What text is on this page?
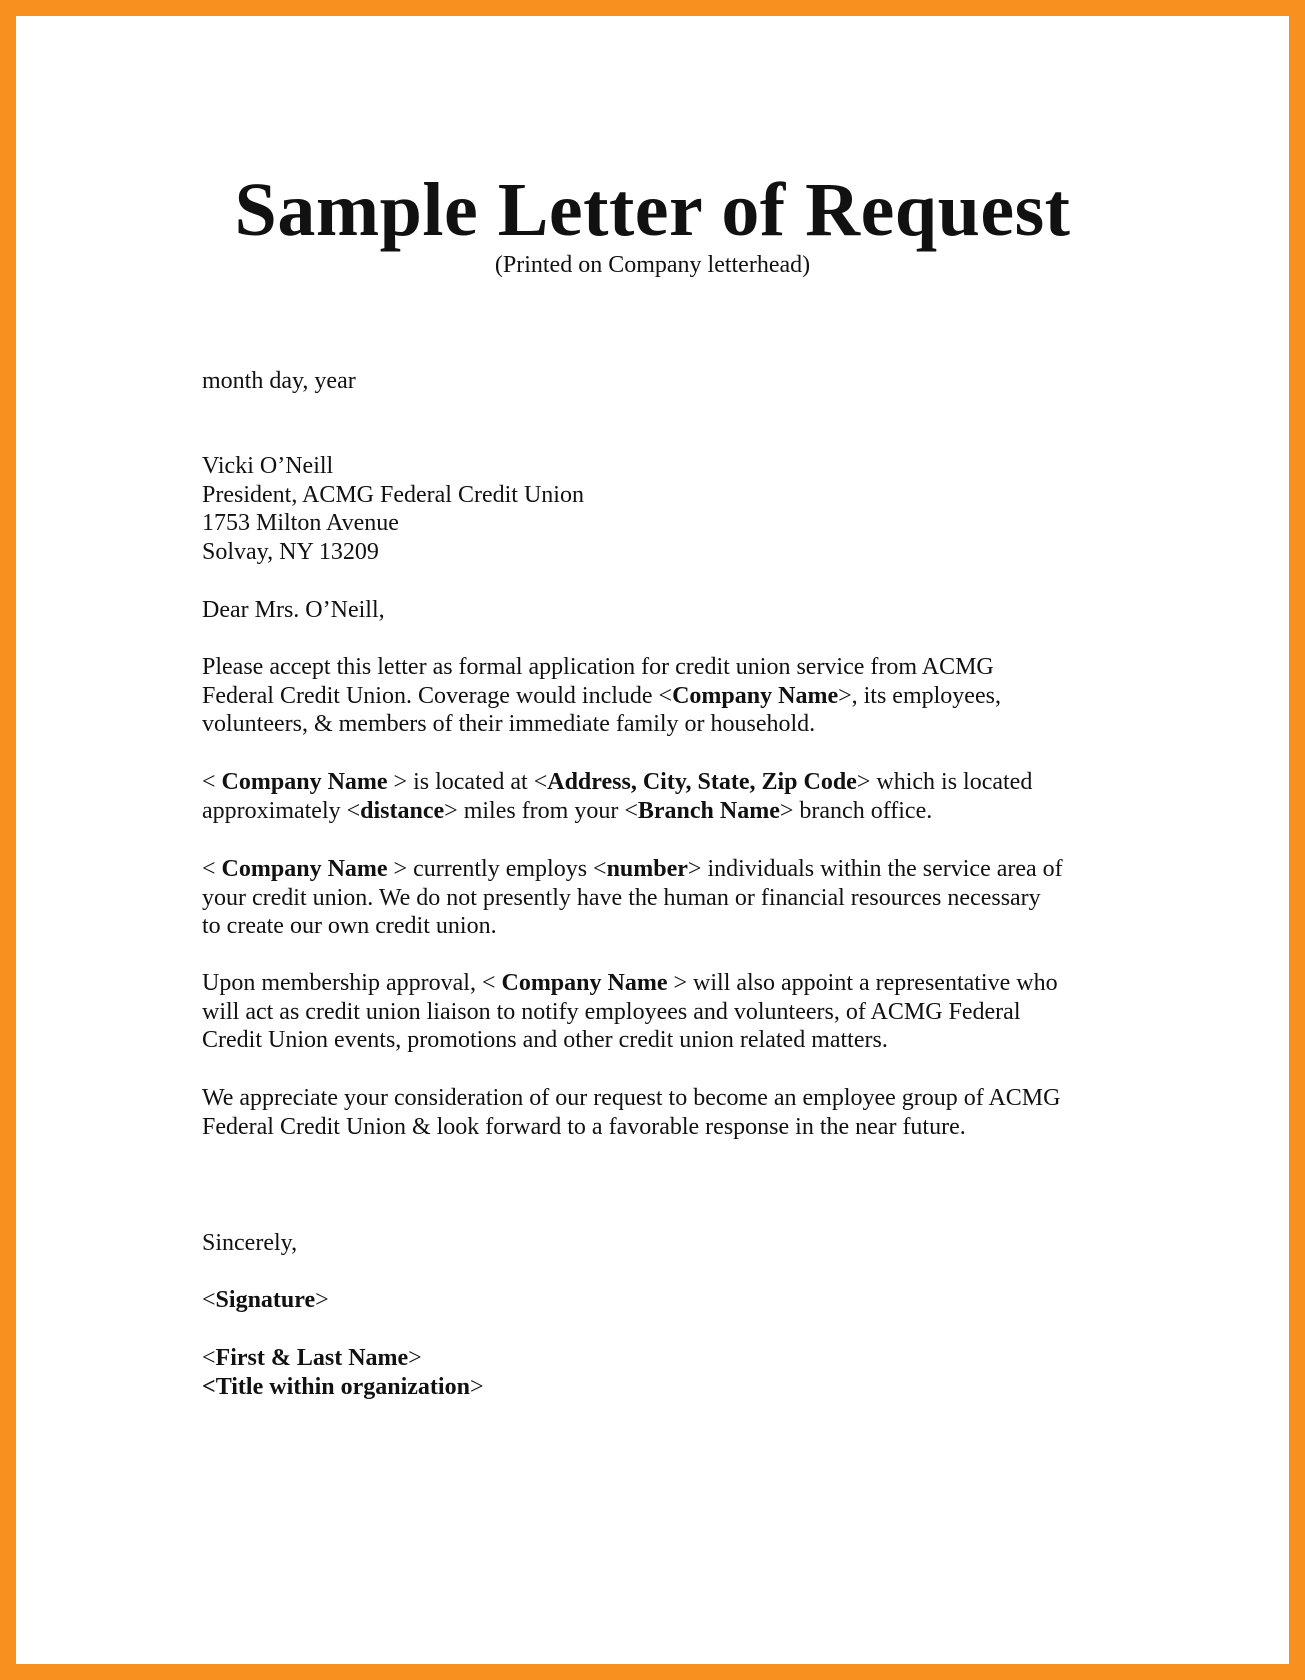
Sample Letter of Request
(Printed on Company letterhead)
month day, year
Vicki O’Neill
President, ACMG Federal Credit Union
1753 Milton Avenue
Solvay, NY 13209
Dear Mrs. O’Neill,
Please accept this letter as formal application for credit union service from ACMG
Federal Credit Union. Coverage would include <Company Name>, its employees,
volunteers, & members of their immediate family or household.
< Company Name > is located at <Address, City, State, Zip Code> which is located
approximately <distance> miles from your <Branch Name> branch office.
< Company Name > currently employs <number> individuals within the service area of
your credit union. We do not presently have the human or financial resources necessary
to create our own credit union.
Upon membership approval, < Company Name > will also appoint a representative who
will act as credit union liaison to notify employees and volunteers, of ACMG Federal
Credit Union events, promotions and other credit union related matters.
We appreciate your consideration of our request to become an employee group of ACMG
Federal Credit Union & look forward to a favorable response in the near future.
Sincerely,
<Signature>
<First & Last Name>
<Title within organization>
